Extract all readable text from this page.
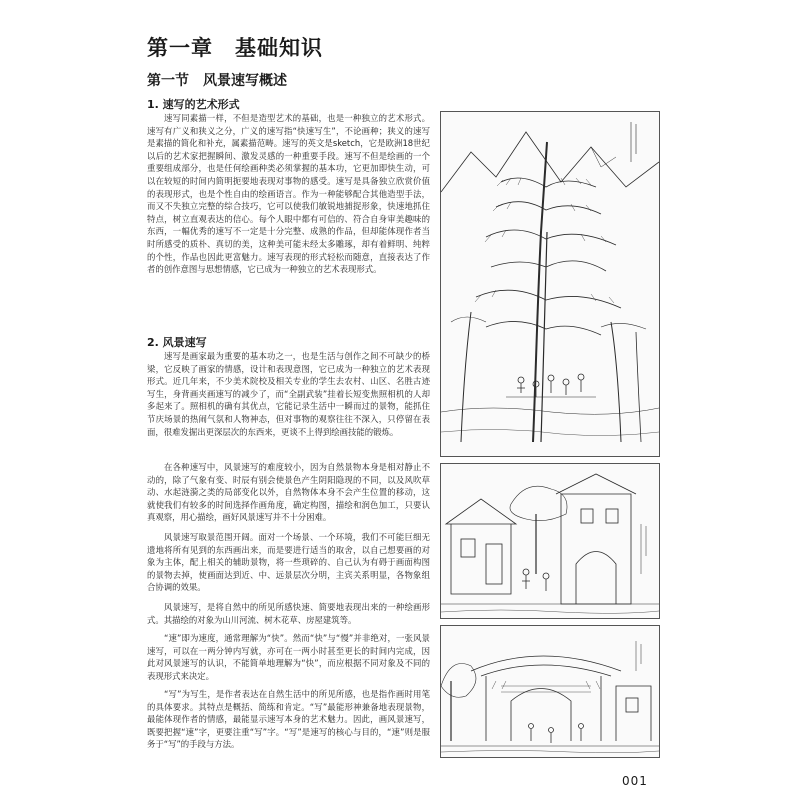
第一章　基础知识
第一节　风景速写概述
1. 速写的艺术形式

速写同素描一样，不但是造型艺术的基础，也是一种独立的艺术形式。速写有广义和狭义之分，广义的速写指“快速写生”，不论画种；狭义的速写是素描的简化和补充，属素描范畴。速写的英文是sketch，它是欧洲18世纪以后的艺术家把握瞬间、激发灵感的一种重要手段。速写不但是绘画的一个重要组成部分，也是任何绘画种类必须掌握的基本功，它更加即快生动，可以在较短的时间内简明扼要地表现对事物的感受。速写是具备独立欣赏价值的表现形式，也是个性自由的绘画语言。作为一种能够配合其他造型手法，而又不失独立完整的综合技巧，它可以使我们敏锐地捕捉形象，快速地抓住特点，树立直观表达的信心。每个人眼中都有可信的、符合自身审美趣味的东西，一幅优秀的速写不一定是十分完整、成熟的作品，但却能体现作者当时所感受的质朴、真切的美，这种美可能未经太多雕琢，却有着鲜明、纯粹的个性，作品也因此更富魅力。速写表现的形式轻松而随意，直接表达了作者的创作意图与思想情感，它已成为一种独立的艺术表现形式。

2. 风景速写

速写是画家最为重要的基本功之一，也是生活与创作之间不可缺少的桥梁，它反映了画家的情感，设计和表现意图，它已成为一种独立的艺术表现形式。近几年来，不少美术院校及相关专业的学生去农村、山区、名胜古迹写生，身背画夹画速写的减少了，而“全副武装”挂着长短变焦照相机的人却多起来了。照相机的确有其优点，它能记录生活中一瞬而过的景物，能抓住节庆场景的热闹气氛和人物神态，但对事物的观察往往不深入，只停留在表面，很难发掘出更深层次的东西来，更谈不上得到绘画技能的锻炼。

在各种速写中，风景速写的难度较小，因为自然景物本身是相对静止不动的，除了气象有变、时辰有别会使景色产生阴阳隐现的不同，以及风吹草动、水起涟漪之类的局部变化以外，自然物体本身不会产生位置的移动，这就使我们有较多的时间选择作画角度，确定构图，描绘和润色加工，只要认真观察，用心描绘，画好风景速写并不十分困难。

风景速写取景范围开阔。面对一个场景、一个环境，我们不可能巨细无遗地将所有见到的东西画出来，而是要进行适当的取舍，以自己想要画的对象为主体，配上相关的辅助景物，将一些琐碎的、自己认为有碍于画面构图的景物去掉，使画面达到近、中、远景层次分明，主宾关系明显，各物象组合协调的效果。

风景速写，是将自然中的所见所感快速、简要地表现出来的一种绘画形式。其描绘的对象为山川河流、树木花草、房屋建筑等。

“速”即为速度，通常理解为“快”。然而“快”与“慢”并非绝对，一张风景速写，可以在一两分钟内写就，亦可在一两小时甚至更长的时间内完成，因此对风景速写的认识，不能简单地理解为“快”，而应根据不同对象及不同的表现形式来决定。

“写”为写生，是作者表达在自然生活中的所见所感，也是指作画时用笔的具体要求。其特点是概括、简练和肯定。“写”最能形神兼备地表现景物，最能体现作者的情感，最能显示速写本身的艺术魅力。因此，画风景速写，既要把握“速”字，更要注重“写”字。“写”是速写的核心与目的，“速”则是服务于“写”的手段与方法。

001
